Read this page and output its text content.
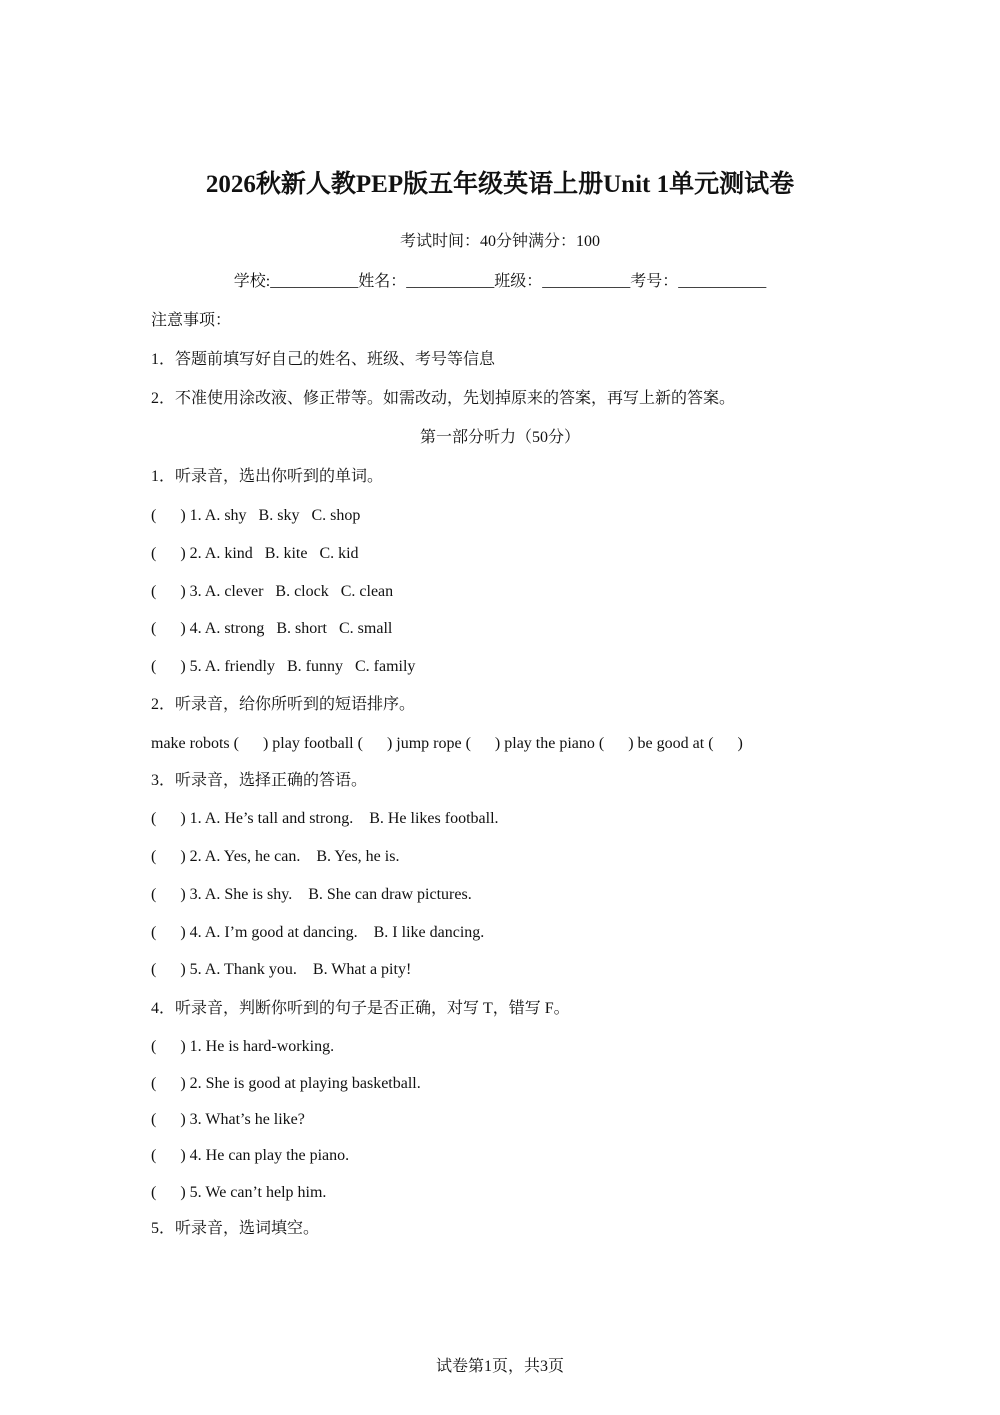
2026秋新人教PEP版五年级英语上册Unit 1单元测试卷
考试时间：40分钟满分：100
学校:___________姓名：___________班级：___________考号：___________
注意事项：
1．答题前填写好自己的姓名、班级、考号等信息
2．不准使用涂改液、修正带等。如需改动，先划掉原来的答案，再写上新的答案。
第一部分听力（50分）
1．听录音，选出你听到的单词。
(      ) 1. A. shy   B. sky   C. shop
(      ) 2. A. kind   B. kite   C. kid
(      ) 3. A. clever   B. clock   C. clean
(      ) 4. A. strong   B. short   C. small
(      ) 5. A. friendly   B. funny   C. family
2．听录音，给你所听到的短语排序。
make robots (      ) play football (      ) jump rope (      ) play the piano (      ) be good at (      )
3．听录音，选择正确的答语。
(      ) 1. A. He’s tall and strong.    B. He likes football.
(      ) 2. A. Yes, he can.    B. Yes, he is.
(      ) 3. A. She is shy.    B. She can draw pictures.
(      ) 4. A. I’m good at dancing.    B. I like dancing.
(      ) 5. A. Thank you.    B. What a pity!
4．听录音，判断你听到的句子是否正确，对写 T，错写 F。
(      ) 1. He is hard-working.
(      ) 2. She is good at playing basketball.
(      ) 3. What’s he like?
(      ) 4. He can play the piano.
(      ) 5. We can’t help him.
5．听录音，选词填空。
试卷第1页，共3页
